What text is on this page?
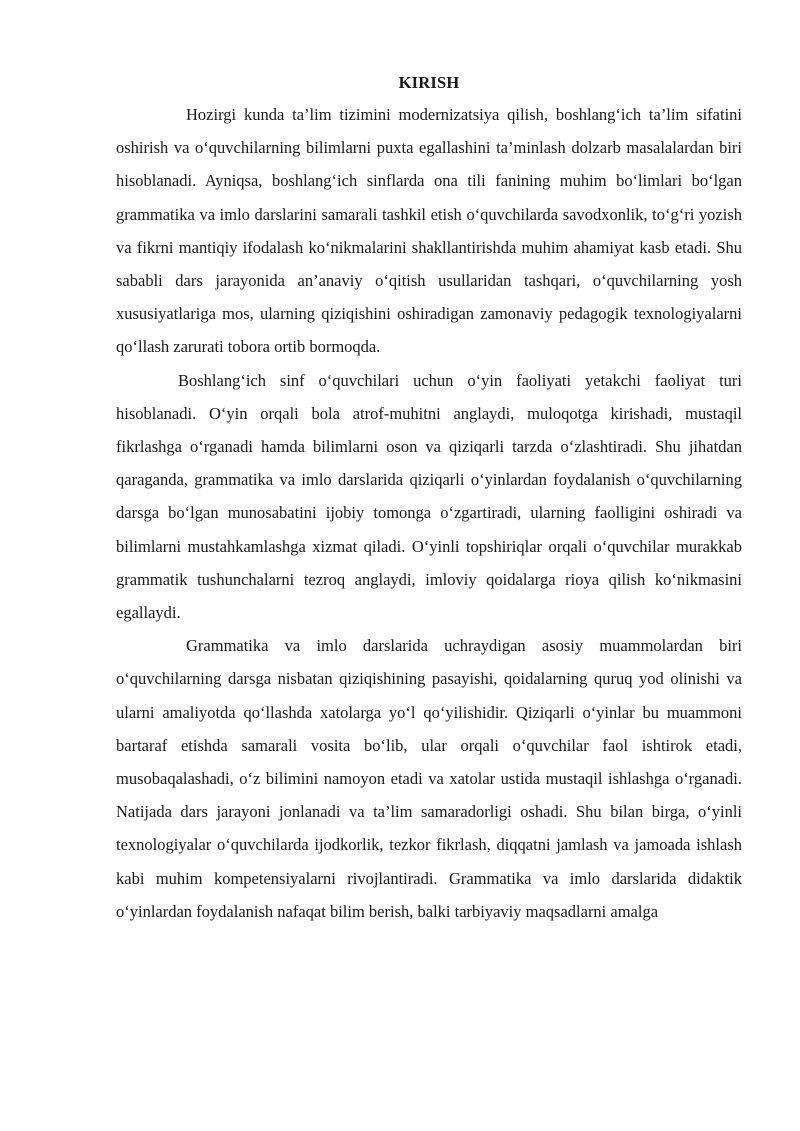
KIRISH

Hozirgi kunda ta’lim tizimini modernizatsiya qilish, boshlang‘ich ta’lim sifatini oshirish va o‘quvchilarning bilimlarni puxta egallashini ta’minlash dolzarb masalalardan biri hisoblanadi. Ayniqsa, boshlang‘ich sinflarda ona tili fanining muhim bo‘limlari bo‘lgan grammatika va imlo darslarini samarali tashkil etish o‘quvchilarda savodxonlik, to‘g‘ri yozish va fikrni mantiqiy ifodalash ko‘nikmalarini shakllantirishda muhim ahamiyat kasb etadi. Shu sababli dars jarayonida an’anaviy o‘qitish usullaridan tashqari, o‘quvchilarning yosh xususiyatlariga mos, ularning qiziqishini oshiradigan zamonaviy pedagogik texnologiyalarni qo‘llash zarurati tobora ortib bormoqda.

Boshlang‘ich sinf o‘quvchilari uchun o‘yin faoliyati yetakchi faoliyat turi hisoblanadi. O‘yin orqali bola atrof-muhitni anglaydi, muloqotga kirishadi, mustaqil fikrlashga o‘rganadi hamda bilimlarni oson va qiziqarli tarzda o‘zlashtiradi. Shu jihatdan qaraganda, grammatika va imlo darslarida qiziqarli o‘yinlardan foydalanish o‘quvchilarning darsga bo‘lgan munosabatini ijobiy tomonga o‘zgartiradi, ularning faolligini oshiradi va bilimlarni mustahkamlashga xizmat qiladi. O‘yinli topshiriqlar orqali o‘quvchilar murakkab grammatik tushunchalarni tezroq anglaydi, imloviy qoidalarga rioya qilish ko‘nikmasini egallaydi.

Grammatika va imlo darslarida uchraydigan asosiy muammolardan biri o‘quvchilarning darsga nisbatan qiziqishining pasayishi, qoidalarning quruq yod olinishi va ularni amaliyotda qo‘llashda xatolarga yo‘l qo‘yilishidir. Qiziqarli o‘yinlar bu muammoni bartaraf etishda samarali vosita bo‘lib, ular orqali o‘quvchilar faol ishtirok etadi, musobaqalashadi, o‘z bilimini namoyon etadi va xatolar ustida mustaqil ishlashga o‘rganadi. Natijada dars jarayoni jonlanadi va ta’lim samaradorligi oshadi. Shu bilan birga, o‘yinli texnologiyalar o‘quvchilarda ijodkorlik, tezkor fikrlash, diqqatni jamlash va jamoada ishlash kabi muhim kompetensiyalarni rivojlantiradi. Grammatika va imlo darslarida didaktik o‘yinlardan foydalanish nafaqat bilim berish, balki tarbiyaviy maqsadlarni amalga
